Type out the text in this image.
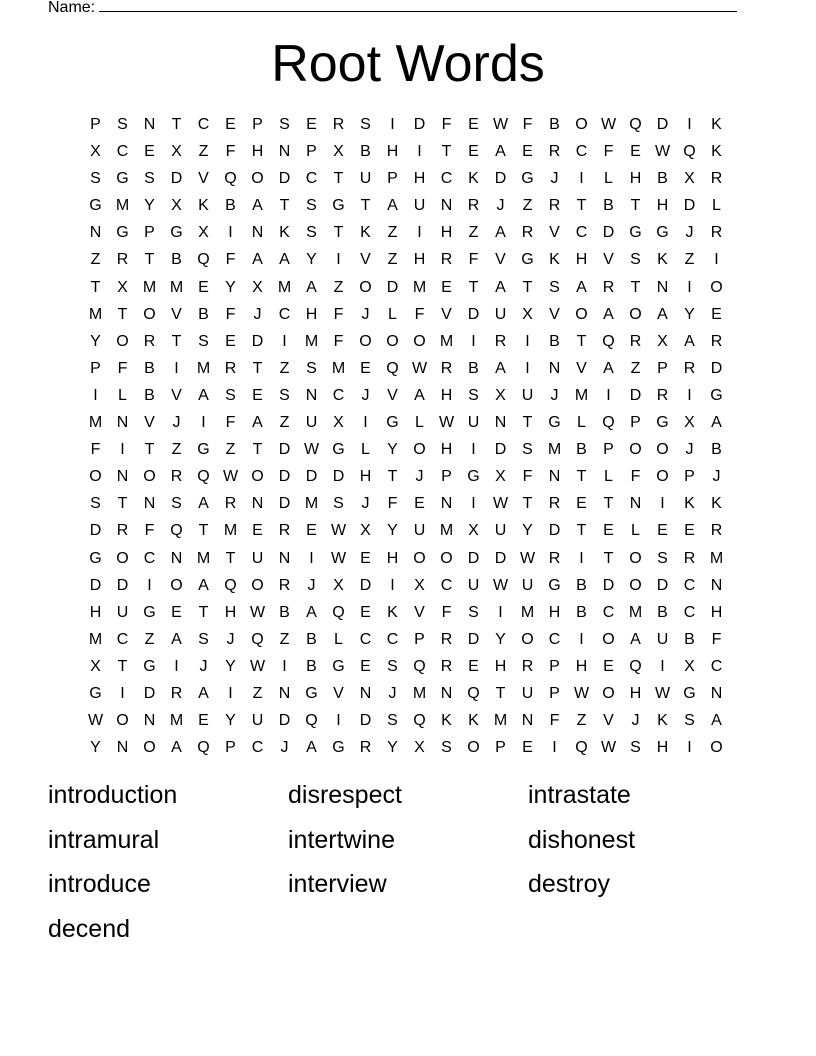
Name:
Root Words
P	S N	T	C E	P	S	E R S	I	D	F	E W F	B O W Q D	I	K
X C E	X	Z	F	H N P	X	B H	I	T	E	A	E R C	F	E W Q K
S G S D V Q O D C	T	U P H C K D G	J	I	L	H B	X R
G M Y	X	K	B	A	T	S G T	A U N R	J	Z	R	T	B	T	H D	L
N G P G X	I	N K	S	T	K	Z	I	H	Z	A R V C D G G	J	R
Z	R	T	B Q F	A	A	Y	I	V	Z	H R	F	V G K H V	S	K	Z	I
T	X M M E	Y	X M A	Z O D M E	T	A	T	S	A R	T	N	I	O
M T O V	B	F	J	C H	F	J	L	F	V D U X	V O A O A	Y	E
Y O R	T	S	E D	I	M F O O O M	I	R	I	B	T Q R X	A R
P	F	B	I	M R	T	Z	S M E Q W R B	A	I	N V	A	Z	P R D
I	L	B	V	A	S	E	S N C	J	V	A H S	X U	J	M	I	D R	I	G
M N V	J	I	F	A	Z	U X	I	G	L W U N	T G	L	Q P G X	A
F	I	T	Z G Z	T	D W G	L	Y O H	I	D S M B	P O O	J	B
O N O R Q W O D D D H	T	J	P G X	F	N	T	L	F O P	J
S	T	N S	A R N D M S	J	F	E N	I	W T	R E	T	N	I	K	K
D R	F Q T M E R E W X	Y U M X U Y D	T	E	L	E	E R
G O C N M T	U N	I	W E H O O D D W R	I	T O S R M
D D	I	O A Q O R	J	X D	I	X C U W U G B D O D C N
H U G E	T	H W B	A Q E	K	V	F	S	I	M H B C M B C H
M C	Z	A	S	J	Q Z	B	L	C C P R D Y O C	I	O A U B	F
X	T G	I	J	Y W	I	B G E	S Q R E H R P H E Q	I	X C
G	I	D R A	I	Z	N G V N	J	M N Q T	U P W O H W G N
W O N M E	Y U D Q	I	D S Q K	K M N	F	Z	V	J	K	S	A
Y N O A Q P C	J	A G R Y	X	S O P	E	I	Q W S H	I	O
introduction	disrespect	intrastate
intramural	intertwine	dishonest
introduce	interview	destroy
decend
